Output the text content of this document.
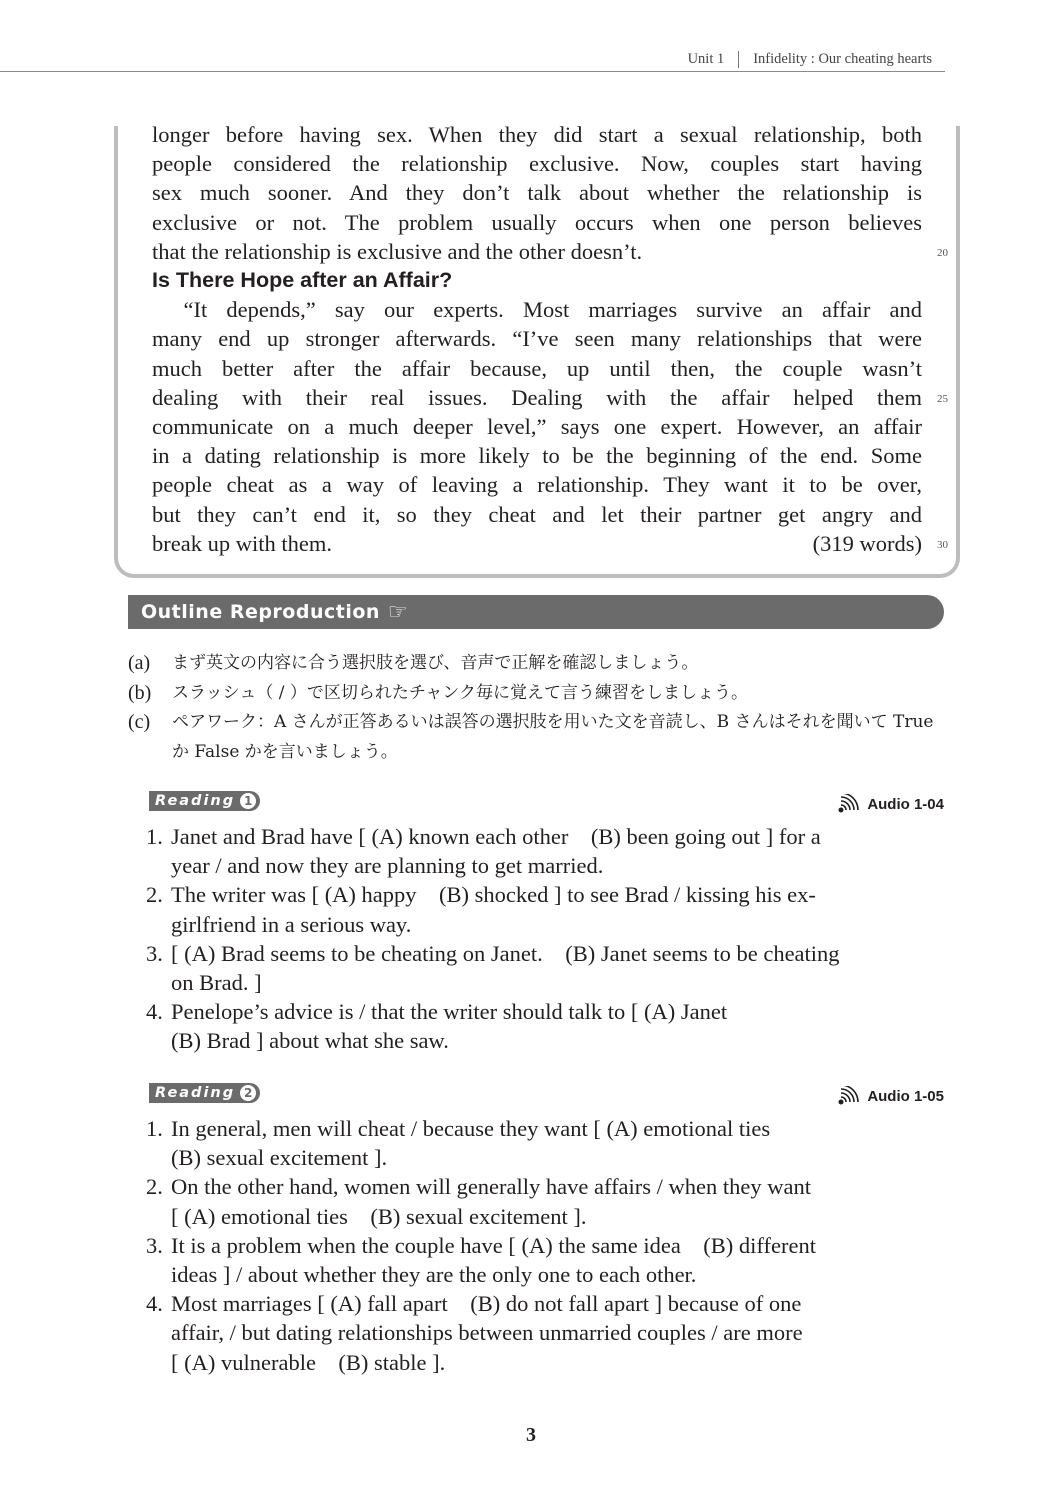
Unit 1 Infidelity : Our cheating hearts

longer before having sex. When they did start a sexual relationship, both

people considered the relationship exclusive. Now, couples start having

sex much sooner. And they don’t talk about whether the relationship is

exclusive or not. The problem usually occurs when one person believes

that the relationship is exclusive and the other doesn’t.

Is There Hope after an Affair?

“It depends,” say our experts. Most marriages survive an affair and

many end up stronger afterwards. “I’ve seen many relationships that were

much better after the affair because, up until then, the couple wasn’t

dealing with their real issues. Dealing with the affair helped them

communicate on a much deeper level,” says one expert. However, an affair

in a dating relationship is more likely to be the beginning of the end. Some

people cheat as a way of leaving a relationship. They want it to be over,

but they can’t end it, so they cheat and let their partner get angry and

break up with them.	(319 words)
20
25
30
Outline Reproduction ☞
(a)	まず英文の内容に合う選択肢を選び、音声で正解を確認しましょう。
(b)	スラッシュ（ / ）で区切られたチャンク毎に覚えて言う練習をしましょう。
(c)	ペアワーク：A さんが正答あるいは誤答の選択肢を用いた文を音読し、B さんはそれを聞いて True か False かを言いましょう。
Reading 1	Audio 1-04
1. Janet and Brad have [ (A) known each other　(B) been going out ] for a
year / and now they are planning to get married.
2. The writer was [ (A) happy　(B) shocked ] to see Brad / kissing his ex-
girlfriend in a serious way.
3. [ (A) Brad seems to be cheating on Janet.　(B) Janet seems to be cheating
on Brad. ]
4. Penelope’s advice is / that the writer should talk to [ (A) Janet
(B) Brad ] about what she saw.
Reading 2	Audio 1-05
1. In general, men will cheat / because they want [ (A) emotional ties
(B) sexual excitement ].
2. On the other hand, women will generally have affairs / when they want
[ (A) emotional ties　(B) sexual excitement ].
3. It is a problem when the couple have [ (A) the same idea　(B) different
ideas ] / about whether they are the only one to each other.
4. Most marriages [ (A) fall apart　(B) do not fall apart ] because of one
affair, / but dating relationships between unmarried couples / are more
[ (A) vulnerable　(B) stable ].
3
